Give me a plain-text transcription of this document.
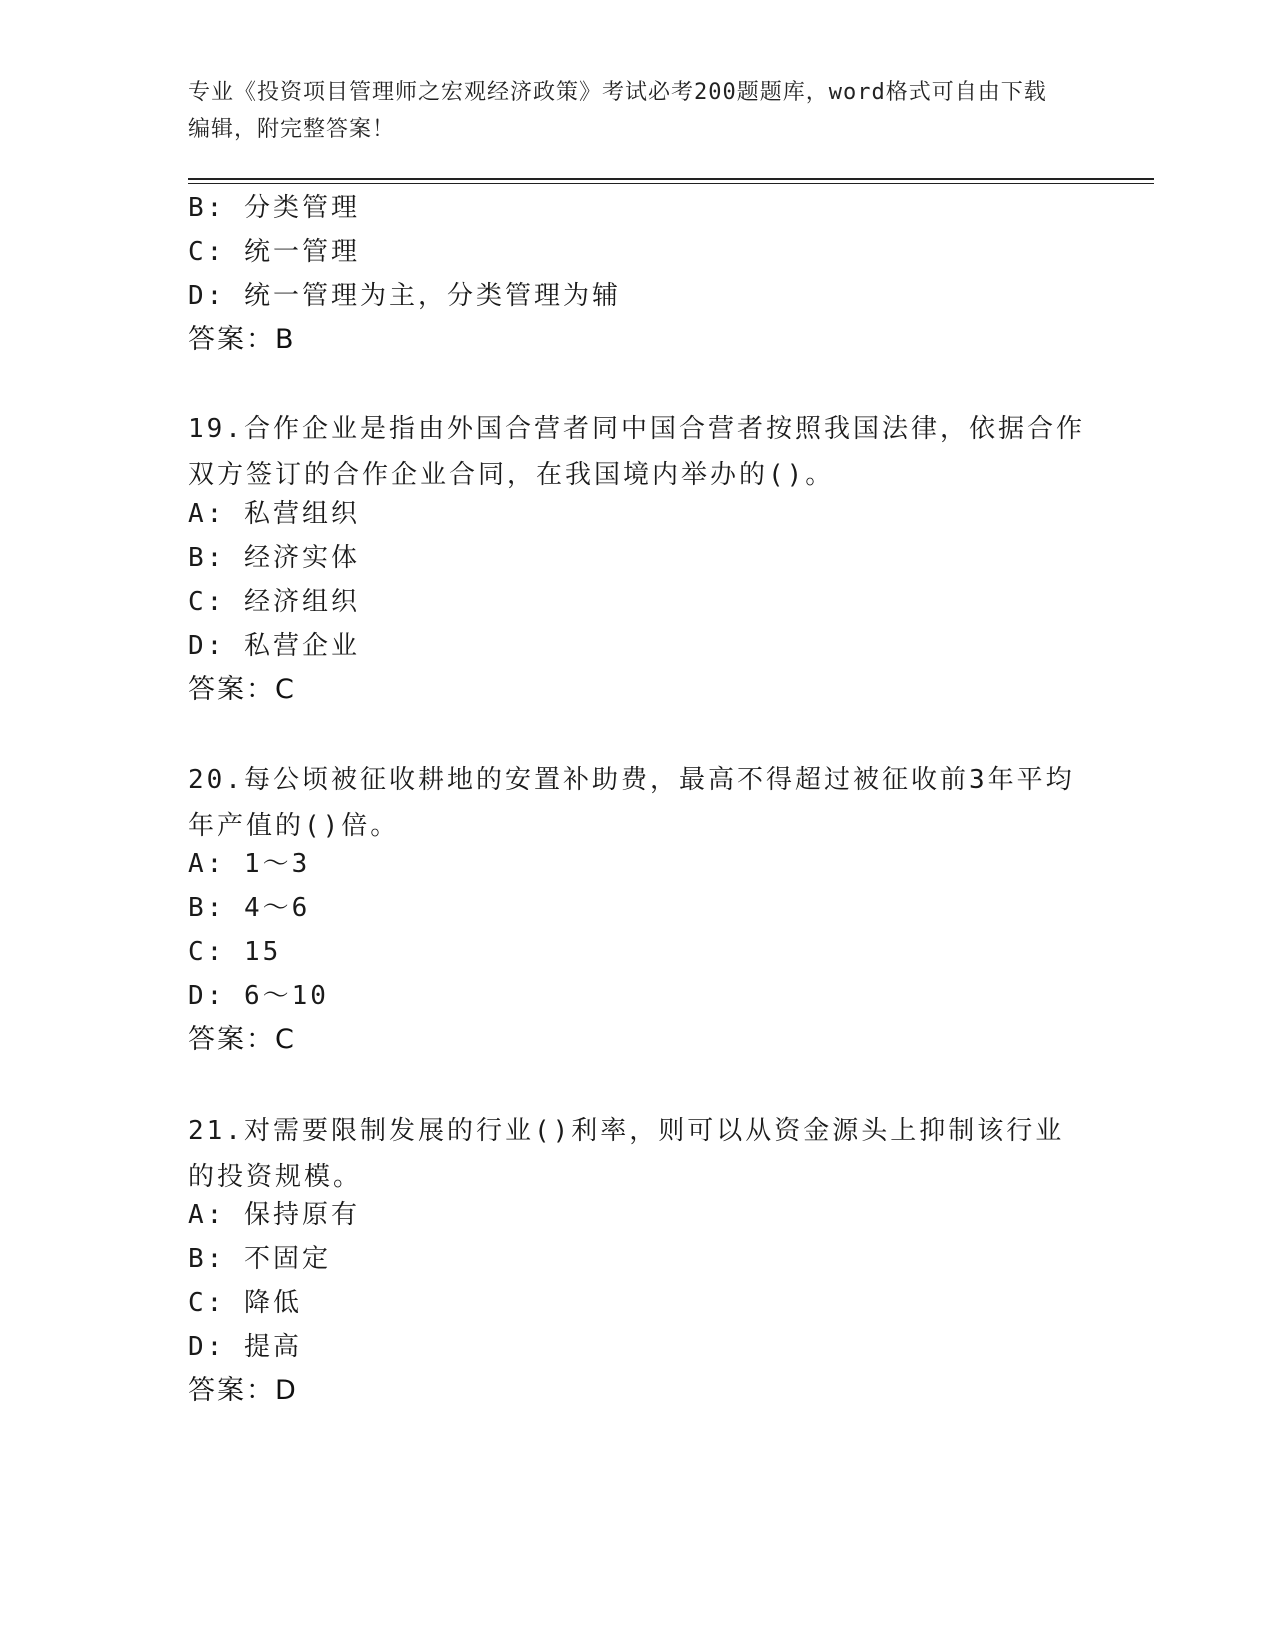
专业《投资项目管理师之宏观经济政策》考试必考200题题库，word格式可自由下载编辑，附完整答案！
B: 分类管理
C: 统一管理
D: 统一管理为主，分类管理为辅
答案：B
19.合作企业是指由外国合营者同中国合营者按照我国法律，依据合作双方签订的合作企业合同，在我国境内举办的()。
A: 私营组织
B: 经济实体
C: 经济组织
D: 私营企业
答案：C
20.每公顷被征收耕地的安置补助费，最高不得超过被征收前3年平均年产值的()倍。
A: 1～3
B: 4～6
C: 15
D: 6～10
答案：C
21.对需要限制发展的行业()利率，则可以从资金源头上抑制该行业的投资规模。
A: 保持原有
B: 不固定
C: 降低
D: 提高
答案：D
